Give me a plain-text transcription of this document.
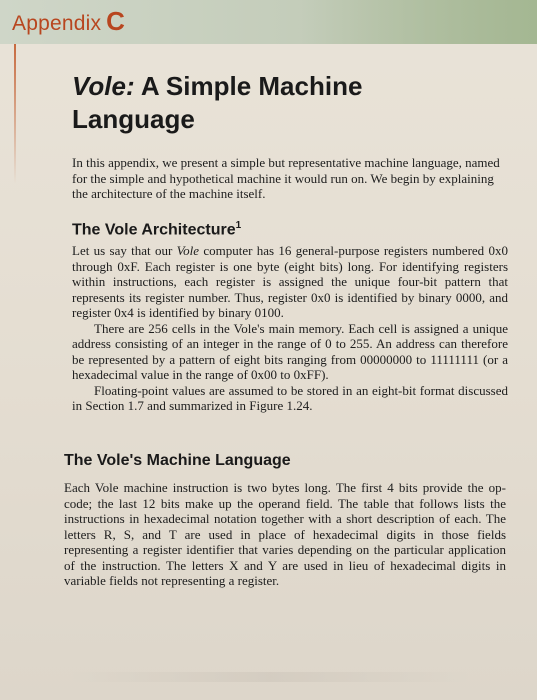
Appendix C
Vole: A Simple Machine Language
In this appendix, we present a simple but representative machine language, named for the simple and hypothetical machine it would run on. We begin by explaining the architecture of the machine itself.
The Vole Architecture$^1$

Let us say that our Vole computer has 16 general-purpose registers numbered 0x0 through 0xF. Each register is one byte (eight bits) long. For identifying registers within instructions, each register is assigned the unique four-bit pattern that represents its register number. Thus, register 0x0 is identified by binary 0000, and register 0x4 is identified by binary 0100.

There are 256 cells in the Vole's main memory. Each cell is assigned a unique address consisting of an integer in the range of 0 to 255. An address can therefore be represented by a pattern of eight bits ranging from 00000000 to 11111111 (or a hexadecimal value in the range of 0x00 to 0xFF).

Floating-point values are assumed to be stored in an eight-bit format discussed in Section 1.7 and summarized in Figure 1.24.

The Vole's Machine Language

Each Vole machine instruction is two bytes long. The first 4 bits provide the op-code; the last 12 bits make up the operand field. The table that follows lists the instructions in hexadecimal notation together with a short description of each. The letters R, S, and T are used in place of hexadecimal digits in those fields representing a register identifier that varies depending on the particular application of the instruction. The letters X and Y are used in lieu of hexadecimal digits in variable fields not representing a register.
